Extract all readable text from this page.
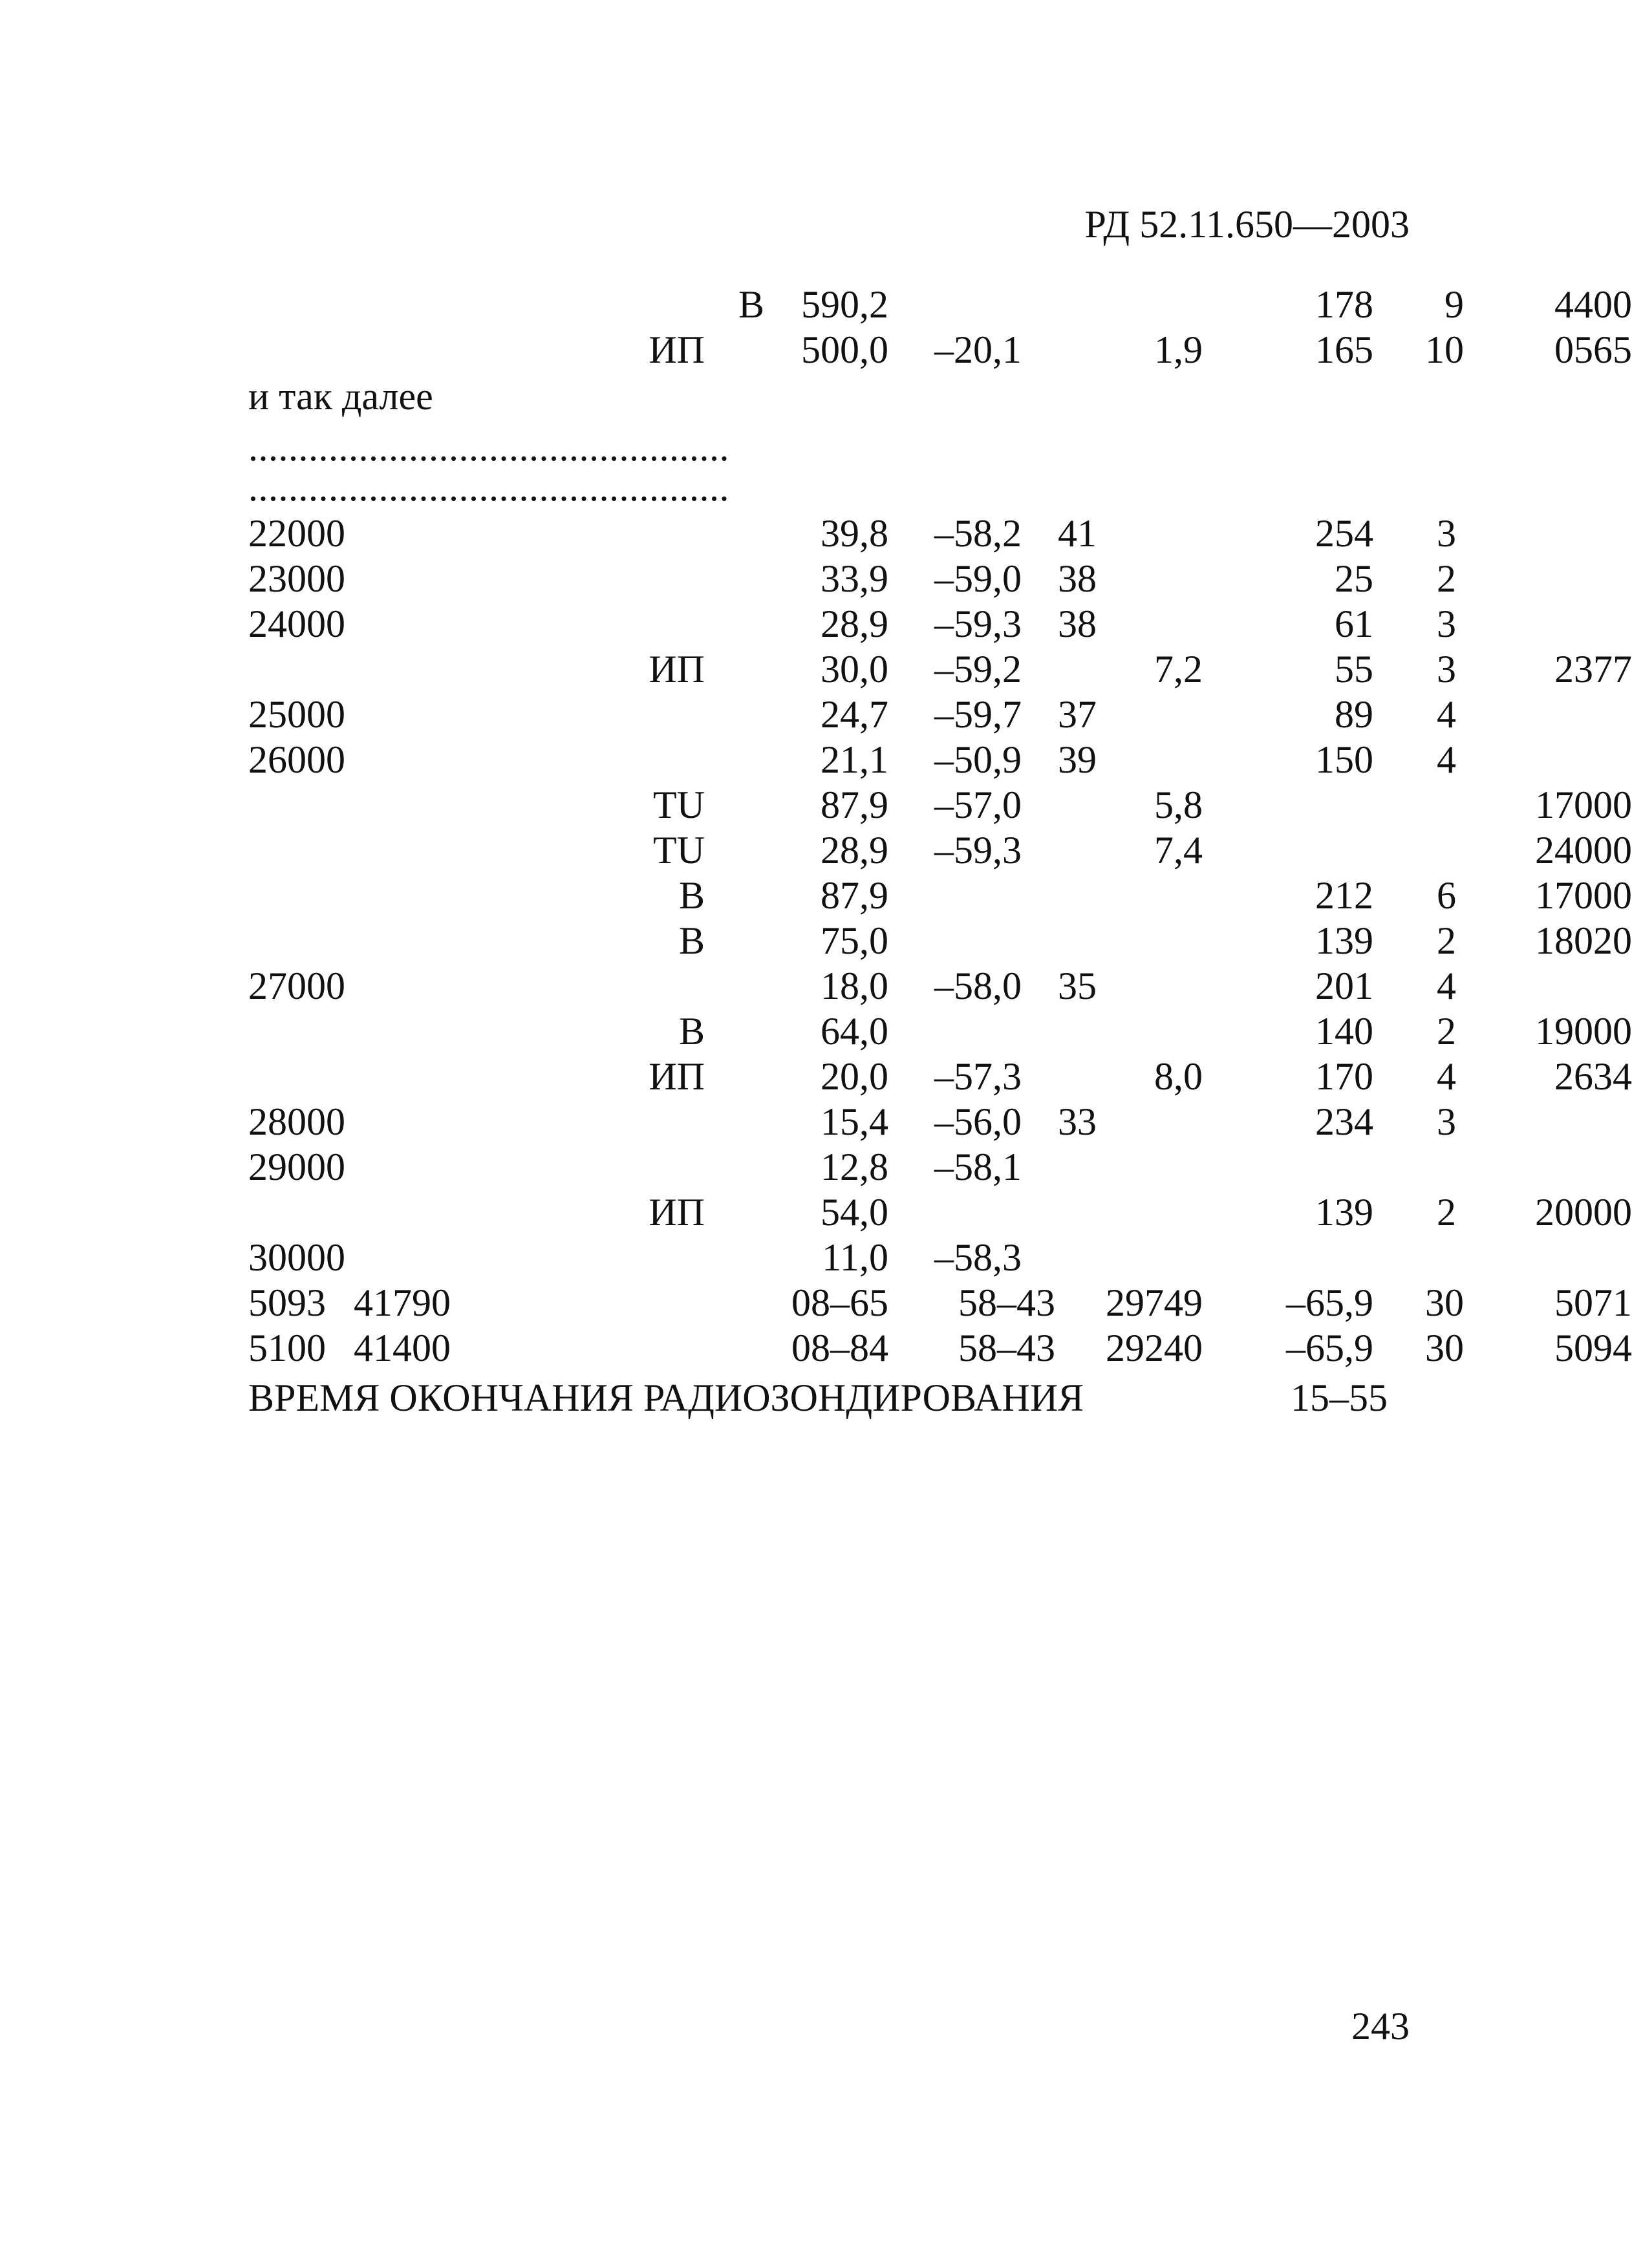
РД 52.11.650—2003
В 590,2	178 9 4400
ИП 500,0 –20,1	1,9	165 10 0565
и так далее
................................................
................................................
22000	39,8 –58,2 41	254 3
23000	33,9 –59,0 38	25 2
24000	28,9 –59,3 38	61 3
ИП	30,0 –59,2	7,2	55 3	2377
25000	24,7 –59,7 37	89 4
26000	21,1 –50,9 39	150 4
TU	87,9 –57,0	5,8	17000
TU	28,9 –59,3	7,4	24000
В	87,9	212 6 17000
В	75,0	139 2 18020
27000	18,0 –58,0 35	201 4
В	64,0	140 2 19000
ИП	20,0 –57,3	8,0	170 4	2634
28000	15,4 –56,0 33	234 3
29000	12,8 –58,1
ИП	54,0	139 2 20000
30000	11,0 –58,3
5093 41790	08–65 58–43 29749 –65,9 30 5071
5100 41400	08–84 58–43 29240 –65,9 30 5094
ВРЕМЯ ОКОНЧАНИЯ РАДИОЗОНДИРОВАНИЯ	15–55
243
